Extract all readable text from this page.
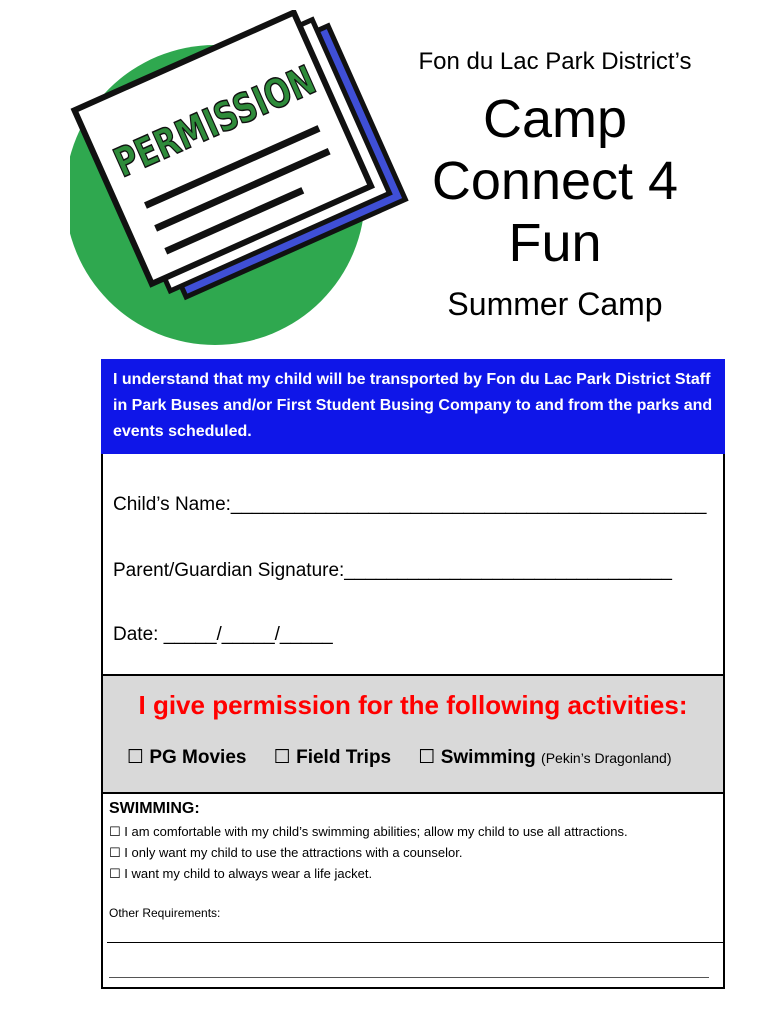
PERMISSION	Fon du Lac Park District’s
Camp
Connect 4
Fun
Summer Camp
I understand that my child will be transported by Fon du Lac Park District Staff in Park Buses and/or First Student Busing Company to and from the parks and events scheduled.
Child’s Name:_____________________________________________
Parent/Guardian Signature:_______________________________
Date: _____/_____/_____
I give permission for the following activities:
☐ PG Movies ☐ Field Trips ☐ Swimming (Pekin’s Dragonland)
SWIMMING:
☐ I am comfortable with my child’s swimming abilities; allow my child to use all attractions.
☐ I only want my child to use the attractions with a counselor.
☐ I want my child to always wear a life jacket.
Other Requirements:
